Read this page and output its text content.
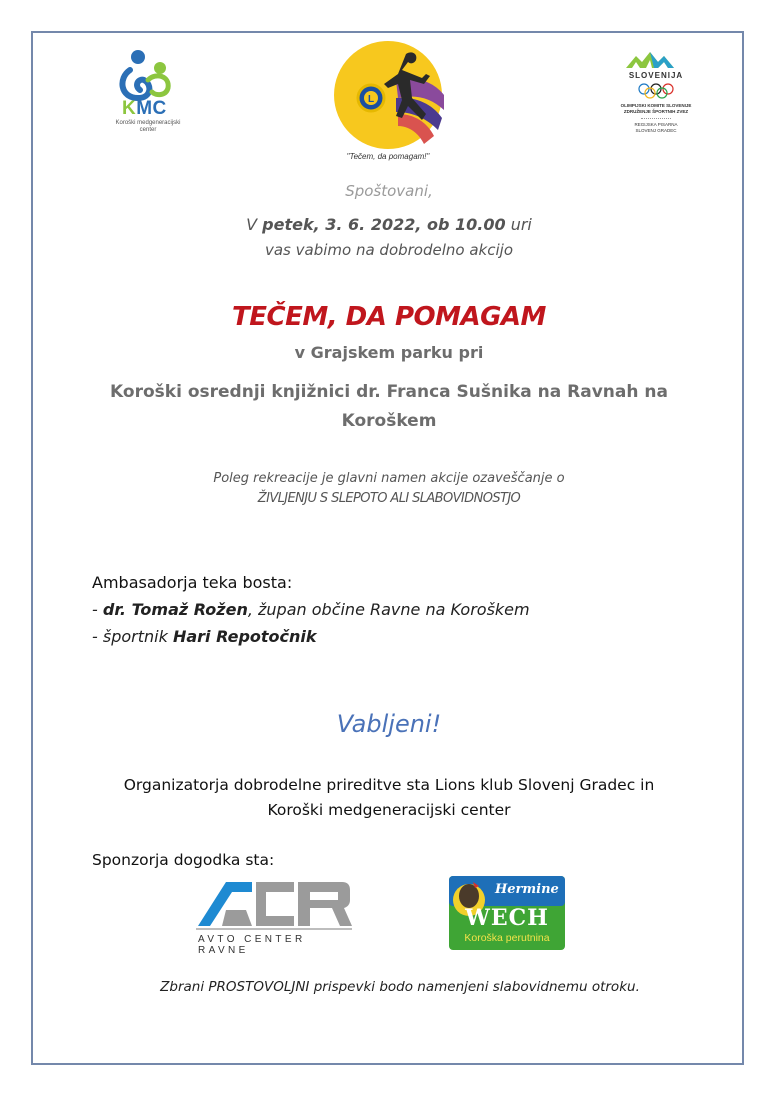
KMC
Koroški medgeneracijski
center
L
"Tečem, da pomagam!"
SLOVENIJA
OLIMPIJSKI KOMITE SLOVENIJE
ZDRUŽENJE ŠPORTNIH ZVEZ
REGIJSKA PISARNA
SLOVENJ GRADEC
Spoštovani,
V petek, 3. 6. 2022, ob 10.00 uri
vas vabimo na dobrodelno akcijo
TEČEM, DA POMAGAM
v Grajskem parku pri
Koroški osrednji knjižnici dr. Franca Sušnika na Ravnah na
Koroškem
Poleg rekreacije je glavni namen akcije ozaveščanje o
ŽIVLJENJU S SLEPOTO ALI SLABOVIDNOSTJO
Ambasadorja teka bosta:
- dr. Tomaž Rožen, župan občine Ravne na Koroškem
- športnik Hari Repotočnik
Vabljeni!
Organizatorja dobrodelne prireditve sta Lions klub Slovenj Gradec in
Koroški medgeneracijski center
Sponzorja dogodka sta:
AVTO CENTER RAVNE
Hermine
WECH
Koroška perutnina
Zbrani PROSTOVOLJNI prispevki bodo namenjeni slabovidnemu otroku.
